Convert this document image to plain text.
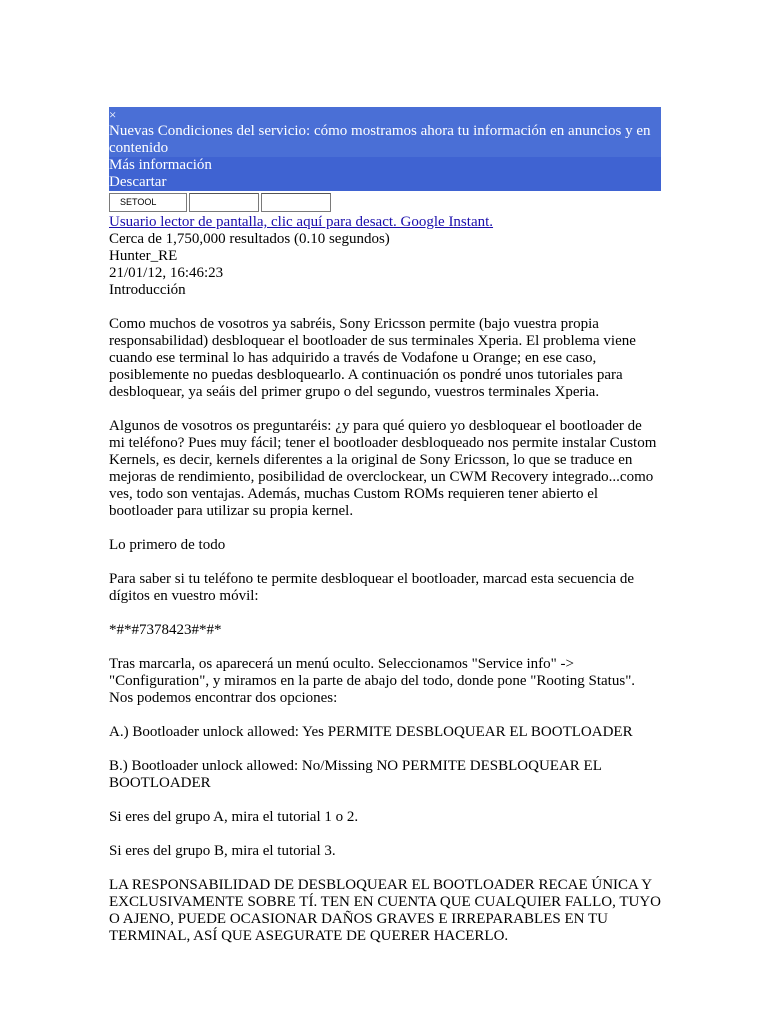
×
Nuevas Condiciones del servicio: cómo mostramos ahora tu información en anuncios y en contenido
Más información
Descartar
SETOOL
Usuario lector de pantalla, clic aquí para desact. Google Instant.
Cerca de 1,750,000 resultados (0.10 segundos)
Hunter_RE
21/01/12, 16:46:23
Introducción

Como muchos de vosotros ya sabréis, Sony Ericsson permite (bajo vuestra propia responsabilidad) desbloquear el bootloader de sus terminales Xperia. El problema viene cuando ese terminal lo has adquirido a través de Vodafone u Orange; en ese caso, posiblemente no puedas desbloquearlo. A continuación os pondré unos tutoriales para desbloquear, ya seáis del primer grupo o del segundo, vuestros terminales Xperia.

Algunos de vosotros os preguntaréis: ¿y para qué quiero yo desbloquear el bootloader de mi teléfono? Pues muy fácil; tener el bootloader desbloqueado nos permite instalar Custom Kernels, es decir, kernels diferentes a la original de Sony Ericsson, lo que se traduce en mejoras de rendimiento, posibilidad de overclockear, un CWM Recovery integrado...como ves, todo son ventajas. Además, muchas Custom ROMs requieren tener abierto el bootloader para utilizar su propia kernel.

Lo primero de todo

Para saber si tu teléfono te permite desbloquear el bootloader, marcad esta secuencia de dígitos en vuestro móvil:

*#*#7378423#*#*

Tras marcarla, os aparecerá un menú oculto. Seleccionamos "Service info" -> "Configuration", y miramos en la parte de abajo del todo, donde pone "Rooting Status". Nos podemos encontrar dos opciones:

A.) Bootloader unlock allowed: Yes PERMITE DESBLOQUEAR EL BOOTLOADER

B.) Bootloader unlock allowed: No/Missing NO PERMITE DESBLOQUEAR EL BOOTLOADER

Si eres del grupo A, mira el tutorial 1 o 2.

Si eres del grupo B, mira el tutorial 3.

LA RESPONSABILIDAD DE DESBLOQUEAR EL BOOTLOADER RECAE ÚNICA Y EXCLUSIVAMENTE SOBRE TÍ. TEN EN CUENTA QUE CUALQUIER FALLO, TUYO O AJENO, PUEDE OCASIONAR DAÑOS GRAVES E IRREPARABLES EN TU TERMINAL, ASÍ QUE ASEGURATE DE QUERER HACERLO.
